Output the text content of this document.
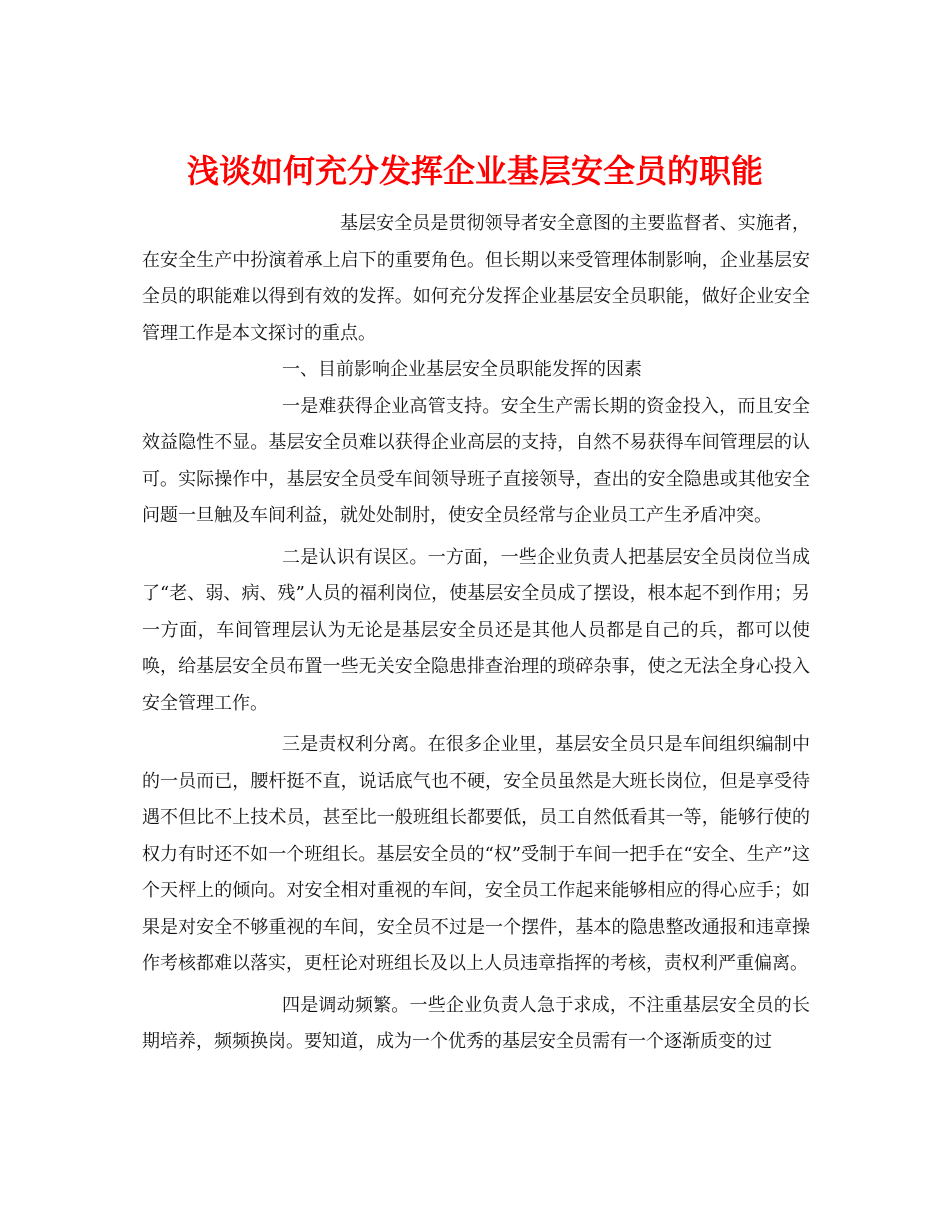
浅谈如何充分发挥企业基层安全员的职能

基层安全员是贯彻领导者安全意图的主要监督者、实施者，在安全生产中扮演着承上启下的重要角色。但长期以来受管理体制影响，企业基层安全员的职能难以得到有效的发挥。如何充分发挥企业基层安全员职能，做好企业安全管理工作是本文探讨的重点。

一、目前影响企业基层安全员职能发挥的因素

一是难获得企业高管支持。安全生产需长期的资金投入，而且安全效益隐性不显。基层安全员难以获得企业高层的支持，自然不易获得车间管理层的认可。实际操作中，基层安全员受车间领导班子直接领导，查出的安全隐患或其他安全问题一旦触及车间利益，就处处制肘，使安全员经常与企业员工产生矛盾冲突。

二是认识有误区。一方面，一些企业负责人把基层安全员岗位当成了“老、弱、病、残”人员的福利岗位，使基层安全员成了摆设，根本起不到作用；另一方面，车间管理层认为无论是基层安全员还是其他人员都是自己的兵，都可以使唤，给基层安全员布置一些无关安全隐患排查治理的琐碎杂事，使之无法全身心投入安全管理工作。

三是责权利分离。在很多企业里，基层安全员只是车间组织编制中的一员而已，腰杆挺不直，说话底气也不硬，安全员虽然是大班长岗位，但是享受待遇不但比不上技术员，甚至比一般班组长都要低，员工自然低看其一等，能够行使的权力有时还不如一个班组长。基层安全员的“权”受制于车间一把手在“安全、生产”这个天枰上的倾向。对安全相对重视的车间，安全员工作起来能够相应的得心应手；如果是对安全不够重视的车间，安全员不过是一个摆件，基本的隐患整改通报和违章操作考核都难以落实，更枉论对班组长及以上人员违章指挥的考核，责权利严重偏离。

四是调动频繁。一些企业负责人急于求成，不注重基层安全员的长期培养，频频换岗。要知道，成为一个优秀的基层安全员需有一个逐渐质变的过
